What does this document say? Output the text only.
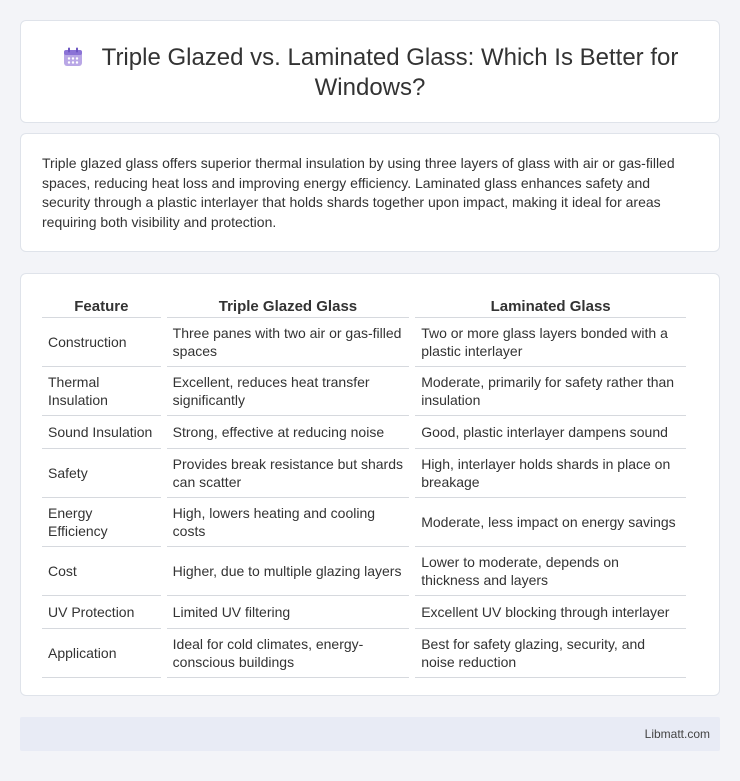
Triple Glazed vs. Laminated Glass: Which Is Better for Windows?

Triple glazed glass offers superior thermal insulation by using three layers of glass with air or gas-filled spaces, reducing heat loss and improving energy efficiency. Laminated glass enhances safety and security through a plastic interlayer that holds shards together upon impact, making it ideal for areas requiring both visibility and protection.

Feature	Triple Glazed Glass	Laminated Glass
Construction	Three panes with two air or gas-filled spaces	Two or more glass layers bonded with a plastic interlayer
Thermal Insulation	Excellent, reduces heat transfer significantly	Moderate, primarily for safety rather than insulation
Sound Insulation	Strong, effective at reducing noise	Good, plastic interlayer dampens sound
Safety	Provides break resistance but shards can scatter	High, interlayer holds shards in place on breakage
Energy Efficiency	High, lowers heating and cooling costs	Moderate, less impact on energy savings
Cost	Higher, due to multiple glazing layers	Lower to moderate, depends on thickness and layers
UV Protection	Limited UV filtering	Excellent UV blocking through interlayer
Application	Ideal for cold climates, energy-conscious buildings	Best for safety glazing, security, and noise reduction
Libmatt.com
